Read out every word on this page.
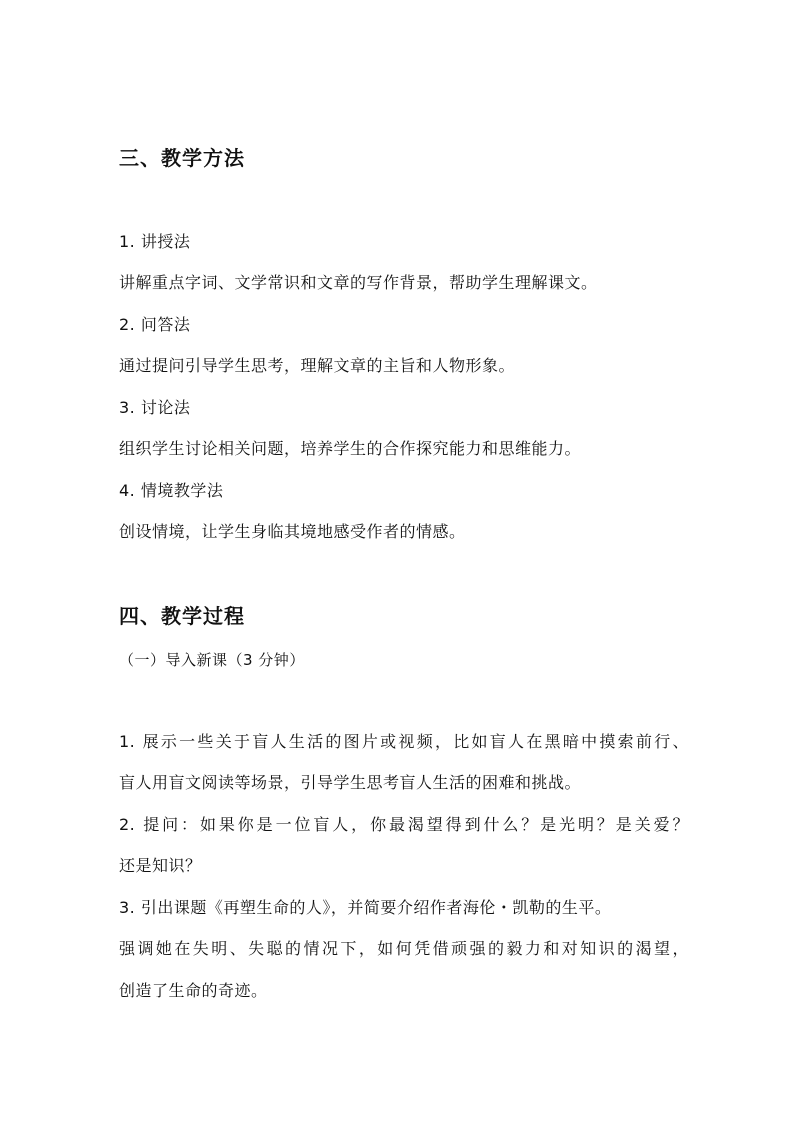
三、教学方法
1. 讲授法
讲解重点字词、文学常识和文章的写作背景，帮助学生理解课文。
2. 问答法
通过提问引导学生思考，理解文章的主旨和人物形象。
3. 讨论法
组织学生讨论相关问题，培养学生的合作探究能力和思维能力。
4. 情境教学法
创设情境，让学生身临其境地感受作者的情感。
四、教学过程
（一）导入新课（3 分钟）
1. 展示一些关于盲人生活的图片或视频，比如盲人在黑暗中摸索前行、
盲人用盲文阅读等场景，引导学生思考盲人生活的困难和挑战。
2. 提问：如果你是一位盲人，你最渴望得到什么？是光明？是关爱？
还是知识？
3. 引出课题《再塑生命的人》，并简要介绍作者海伦・凯勒的生平。
强调她在失明、失聪的情况下，如何凭借顽强的毅力和对知识的渴望，
创造了生命的奇迹。
